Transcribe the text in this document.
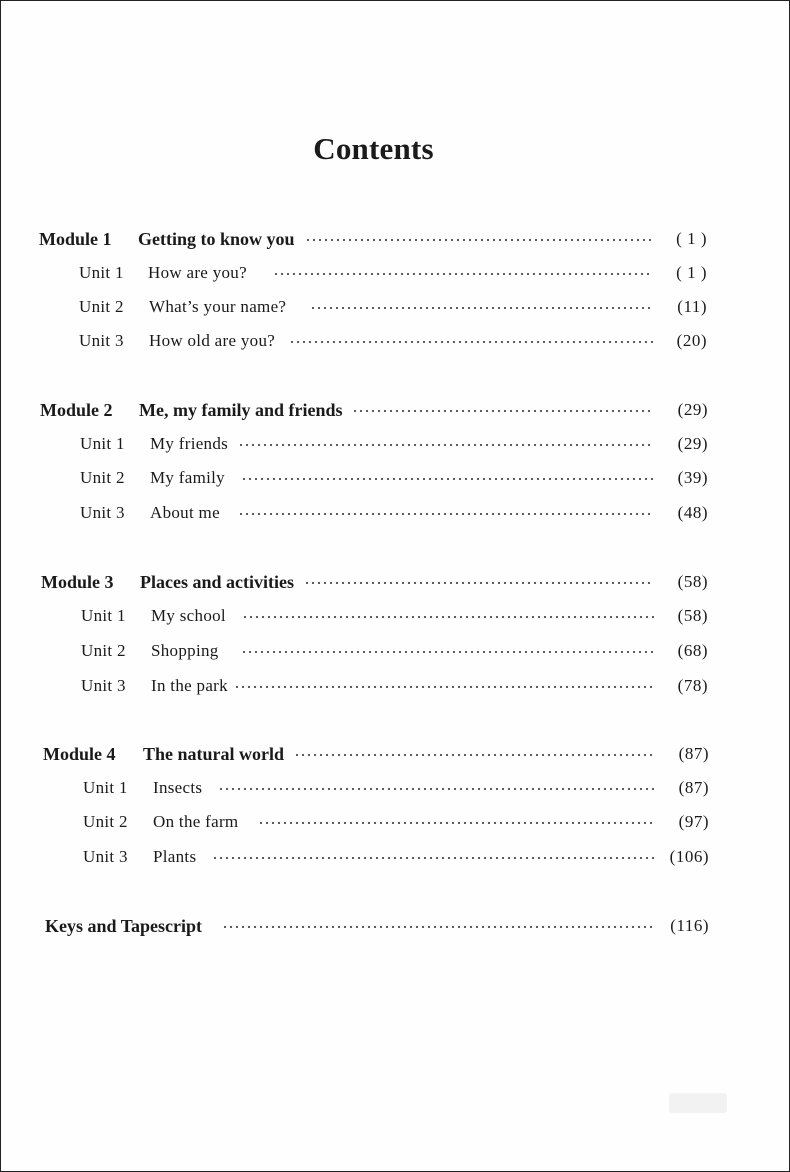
Contents
Module 1	Getting to know you	( 1 )
Unit 1	How are you?	( 1 )
Unit 2	What’s your name?	(11)
Unit 3	How old are you?	(20)
Module 2	Me, my family and friends	(29)
Unit 1	My friends	(29)
Unit 2	My family	(39)
Unit 3	About me	(48)
Module 3	Places and activities	(58)
Unit 1	My school	(58)
Unit 2	Shopping	(68)
Unit 3	In the park	(78)
Module 4	The natural world	(87)
Unit 1	Insects	(87)
Unit 2	On the farm	(97)
Unit 3	Plants	(106)
Keys and Tapescript	(116)
